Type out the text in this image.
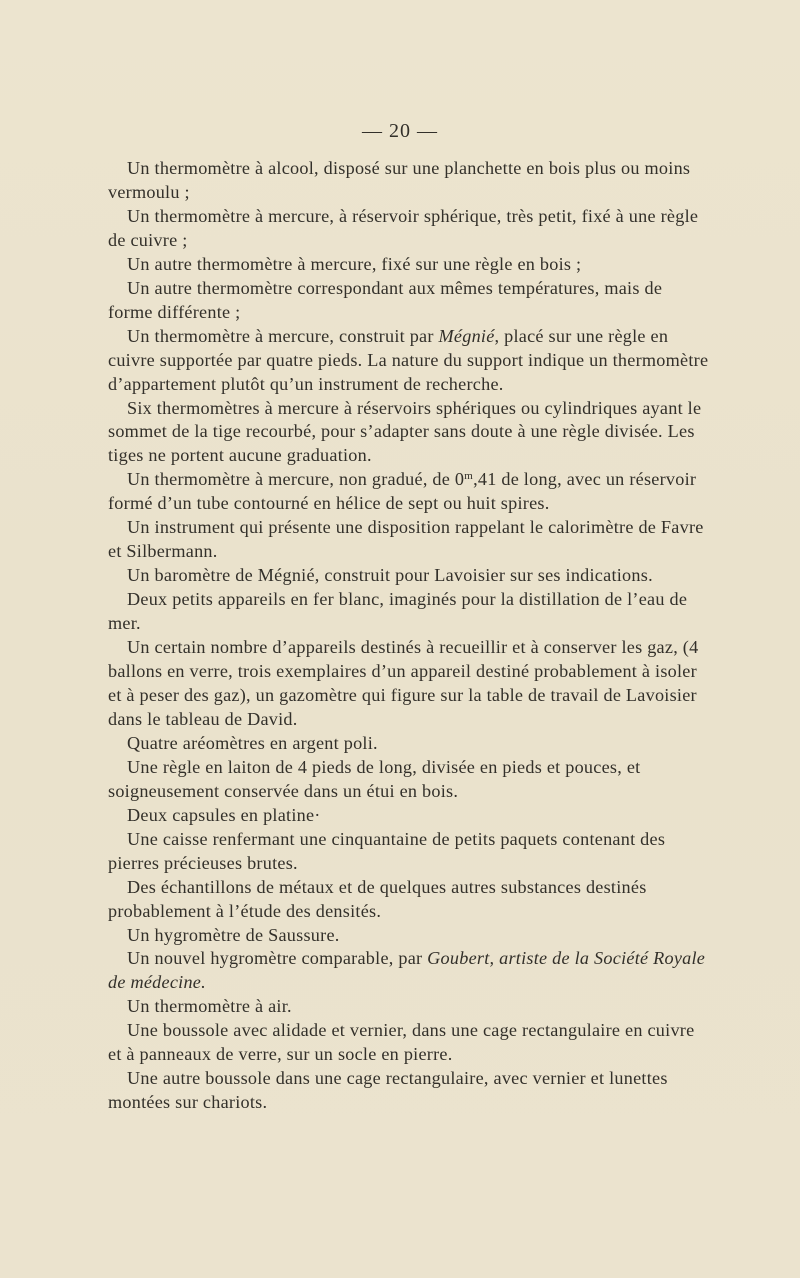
— 20 —

Un thermomètre à alcool, disposé sur une planchette en bois plus ou moins vermoulu ;

Un thermomètre à mercure, à réservoir sphérique, très petit, fixé à une règle de cuivre ;

Un autre thermomètre à mercure, fixé sur une règle en bois ;

Un autre thermomètre correspondant aux mêmes températures, mais de forme différente ;

Un thermomètre à mercure, construit par Mégnié, placé sur une règle en cuivre supportée par quatre pieds. La nature du support indique un thermomètre d’appartement plutôt qu’un instrument de recherche.

Six thermomètres à mercure à réservoirs sphériques ou cylindriques ayant le sommet de la tige recourbé, pour s’adapter sans doute à une règle divisée. Les tiges ne portent aucune graduation.

Un thermomètre à mercure, non gradué, de 0$^m$,41 de long, avec un réservoir formé d’un tube contourné en hélice de sept ou huit spires.

Un instrument qui présente une disposition rappelant le calorimètre de Favre et Silbermann.

Un baromètre de Mégnié, construit pour Lavoisier sur ses indications.

Deux petits appareils en fer blanc, imaginés pour la distillation de l’eau de mer.

Un certain nombre d’appareils destinés à recueillir et à conserver les gaz, (4 ballons en verre, trois exemplaires d’un appareil destiné probablement à isoler et à peser des gaz), un gazomètre qui figure sur la table de travail de Lavoisier dans le tableau de David.

Quatre aréomètres en argent poli.

Une règle en laiton de 4 pieds de long, divisée en pieds et pouces, et soigneusement conservée dans un étui en bois.

Deux capsules en platine·

Une caisse renfermant une cinquantaine de petits paquets contenant des pierres précieuses brutes.

Des échantillons de métaux et de quelques autres substances destinés probablement à l’étude des densités.

Un hygromètre de Saussure.

Un nouvel hygromètre comparable, par Goubert, artiste de la Société Royale de médecine.

Un thermomètre à air.

Une boussole avec alidade et vernier, dans une cage rectangulaire en cuivre et à panneaux de verre, sur un socle en pierre.

Une autre boussole dans une cage rectangulaire, avec vernier et lunettes montées sur chariots.
